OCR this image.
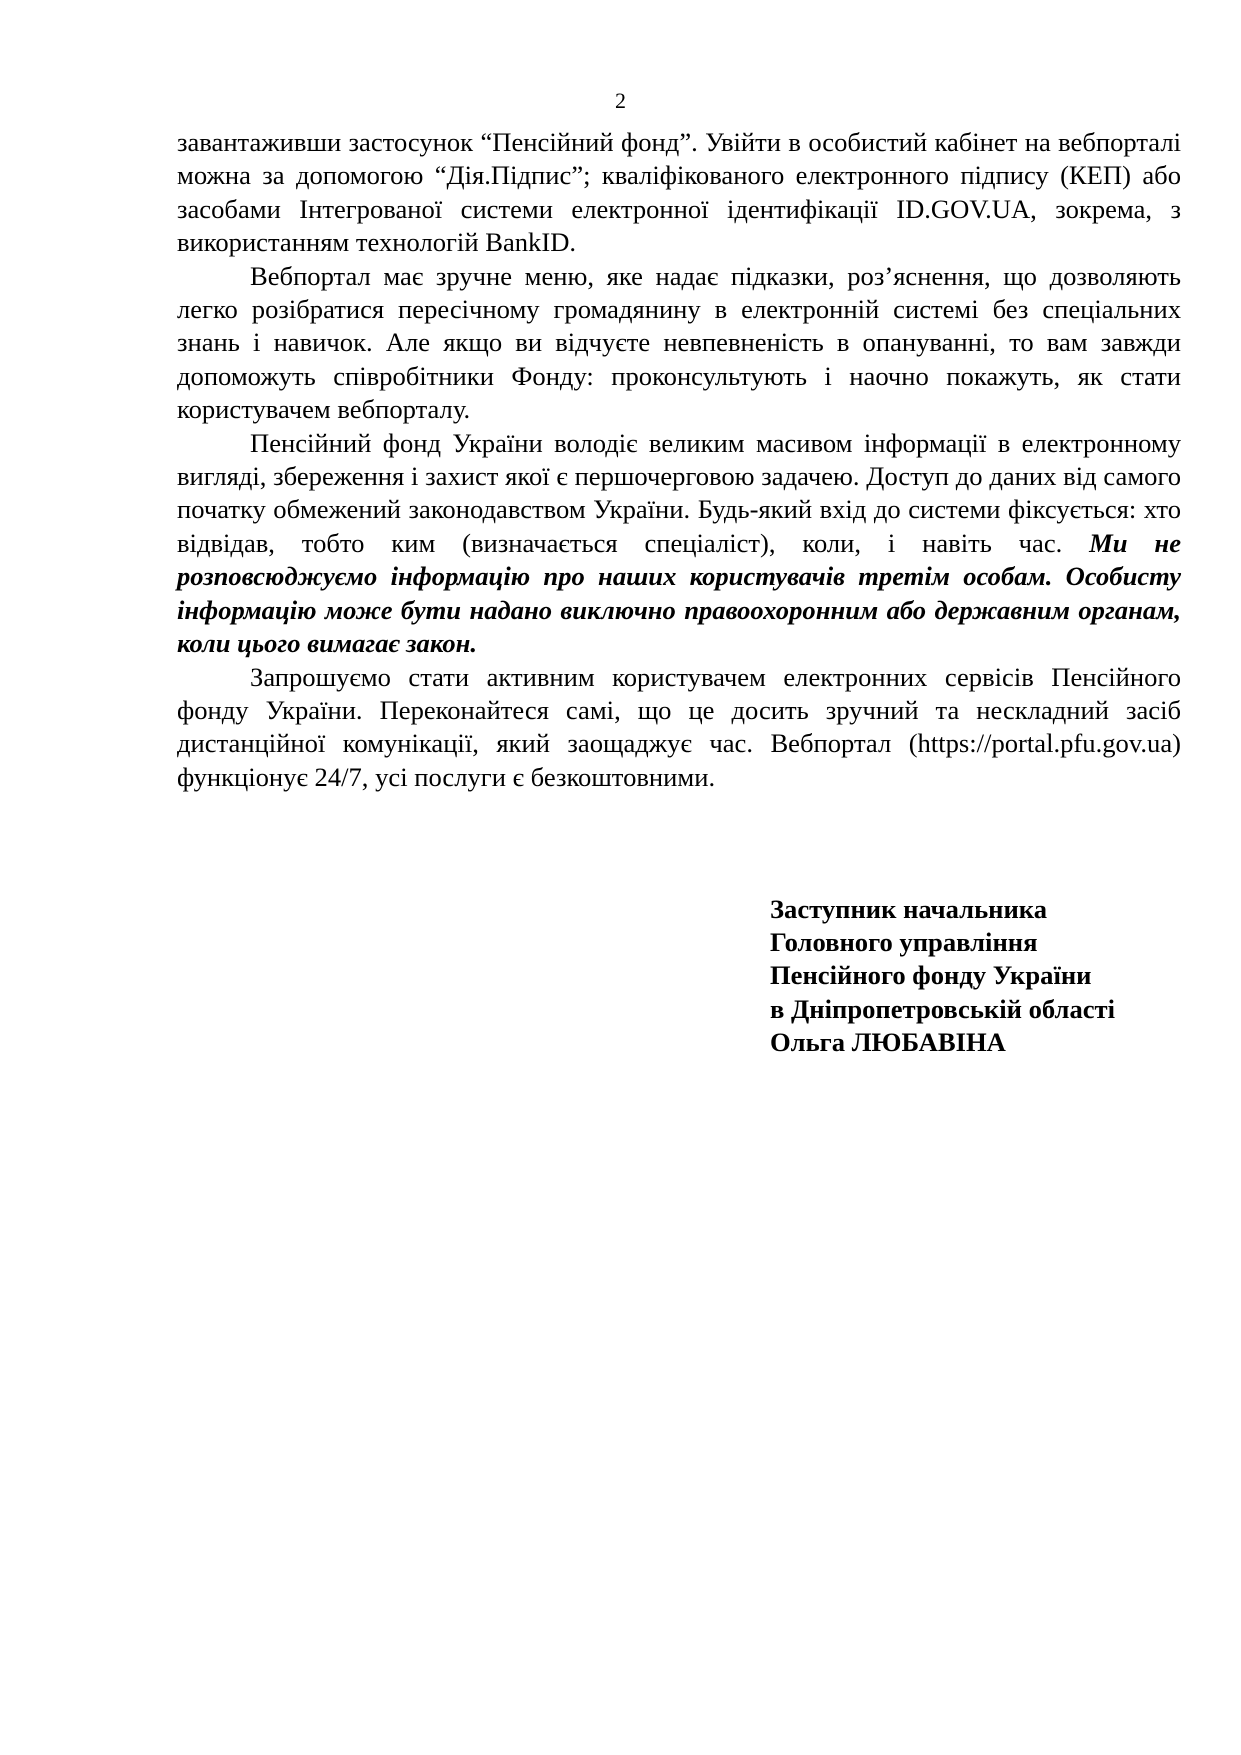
2

завантаживши застосунок “Пенсійний фонд”. Увійти в особистий кабінет на вебпорталі можна за допомогою “Дія.Підпис”; кваліфікованого електронного підпису (КЕП) або засобами Інтегрованої системи електронної ідентифікації ID.GOV.UA, зокрема, з використанням технологій BankID.

Вебпортал має зручне меню, яке надає підказки, роз’яснення, що дозволяють легко розібратися пересічному громадянину в електронній системі без спеціальних знань і навичок. Але якщо ви відчуєте невпевненість в опануванні, то вам завжди допоможуть співробітники Фонду: проконсультують і наочно покажуть, як стати користувачем вебпорталу.

Пенсійний фонд України володіє великим масивом інформації в електронному вигляді, збереження і захист якої є першочерговою задачею. Доступ до даних від самого початку обмежений законодавством України. Будь-який вхід до системи фіксується: хто відвідав, тобто ким (визначається спеціаліст), коли, і навіть час. Ми не розповсюджуємо інформацію про наших користувачів третім особам. Особисту інформацію може бути надано виключно правоохоронним або державним органам, коли цього вимагає закон.

Запрошуємо стати активним користувачем електронних сервісів Пенсійного фонду України. Переконайтеся самі, що це досить зручний та нескладний засіб дистанційної комунікації, який заощаджує час. Вебпортал (https://portal.pfu.gov.ua) функціонує 24/7, усі послуги є безкоштовними.

Заступник начальника
Головного управління
Пенсійного фонду України
в Дніпропетровській області
Ольга ЛЮБАВІНА
